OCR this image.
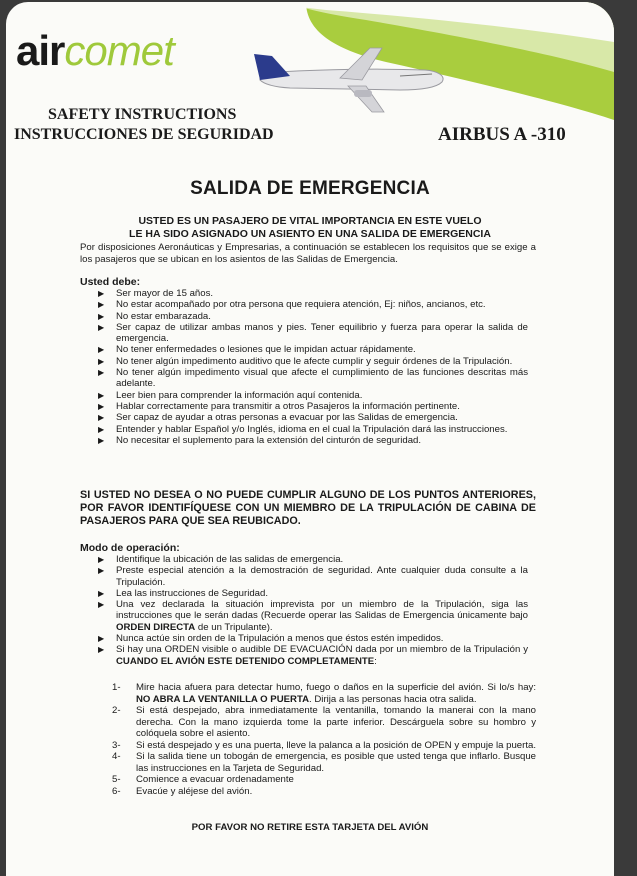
aircomet
SAFETY INSTRUCTIONS
INSTRUCCIONES DE SEGURIDAD	AIRBUS A -310
SALIDA DE EMERGENCIA
USTED ES UN PASAJERO DE VITAL IMPORTANCIA EN ESTE VUELO
LE HA SIDO ASIGNADO UN ASIENTO EN UNA SALIDA DE EMERGENCIA
Por disposiciones Aeronáuticas y Empresarias, a continuación se establecen los requisitos que se exige a los pasajeros que se ubican en los asientos de las Salidas de Emergencia.
Usted debe:
▶ Ser mayor de 15 años.
▶ No estar acompañado por otra persona que requiera atención, Ej: niños, ancianos, etc.
▶ No estar embarazada.
▶ Ser capaz de utilizar ambas manos y pies. Tener equilibrio y fuerza para operar la salida de emergencia.
▶ No tener enfermedades o lesiones que le impidan actuar rápidamente.
▶ No tener algún impedimento auditivo que le afecte cumplir y seguir órdenes de la Tripulación.
▶ No tener algún impedimento visual que afecte el cumplimiento de las funciones descritas más adelante.
▶ Leer bien para comprender la información aquí contenida.
▶ Hablar correctamente para transmitir a otros Pasajeros la información pertinente.
▶ Ser capaz de ayudar a otras personas a evacuar por las Salidas de emergencia.
▶ Entender y hablar Español y/o Inglés, idioma en el cual la Tripulación dará las instrucciones.
▶ No necesitar el suplemento para la extensión del cinturón de seguridad.
SI USTED NO DESEA O NO PUEDE CUMPLIR ALGUNO DE LOS PUNTOS ANTERIORES, POR FAVOR IDENTIFÍQUESE CON UN MIEMBRO DE LA TRIPULACIÓN DE CABINA DE PASAJEROS PARA QUE SEA REUBICADO.
Modo de operación:
▶ Identifique la ubicación de las salidas de emergencia.
▶ Preste especial atención a la demostración de seguridad. Ante cualquier duda consulte a la Tripulación.
▶ Lea las instrucciones de Seguridad.
▶ Una vez declarada la situación imprevista por un miembro de la Tripulación, siga las instrucciones que le serán dadas (Recuerde operar las Salidas de Emergencia únicamente bajo ORDEN DIRECTA de un Tripulante).
▶ Nunca actúe sin orden de la Tripulación a menos que éstos estén impedidos.
▶ Si hay una ORDEN visible o audible DE EVACUACIÓN dada por un miembro de la Tripulación y CUANDO EL AVIÓN ESTE DETENIDO COMPLETAMENTE:
1- Mire hacia afuera para detectar humo, fuego o daños en la superficie del avión. Si lo/s hay: NO ABRA LA VENTANILLA O PUERTA. Dirija a las personas hacia otra salida.
2- Si está despejado, abra inmediatamente la ventanilla, tomando la manerai con la mano derecha. Con la mano izquierda tome la parte inferior. Descárguela sobre su hombro y colóquela sobre el asiento.
3- Si está despejado y es una puerta, lleve la palanca a la posición de OPEN y empuje la puerta.
4- Si la salida tiene un tobogán de emergencia, es posible que usted tenga que inflarlo. Busque las instrucciones en la Tarjeta de Seguridad.
5- Comience a evacuar ordenadamente
6- Evacúe y aléjese del avión.
POR FAVOR NO RETIRE ESTA TARJETA DEL AVIÓN
